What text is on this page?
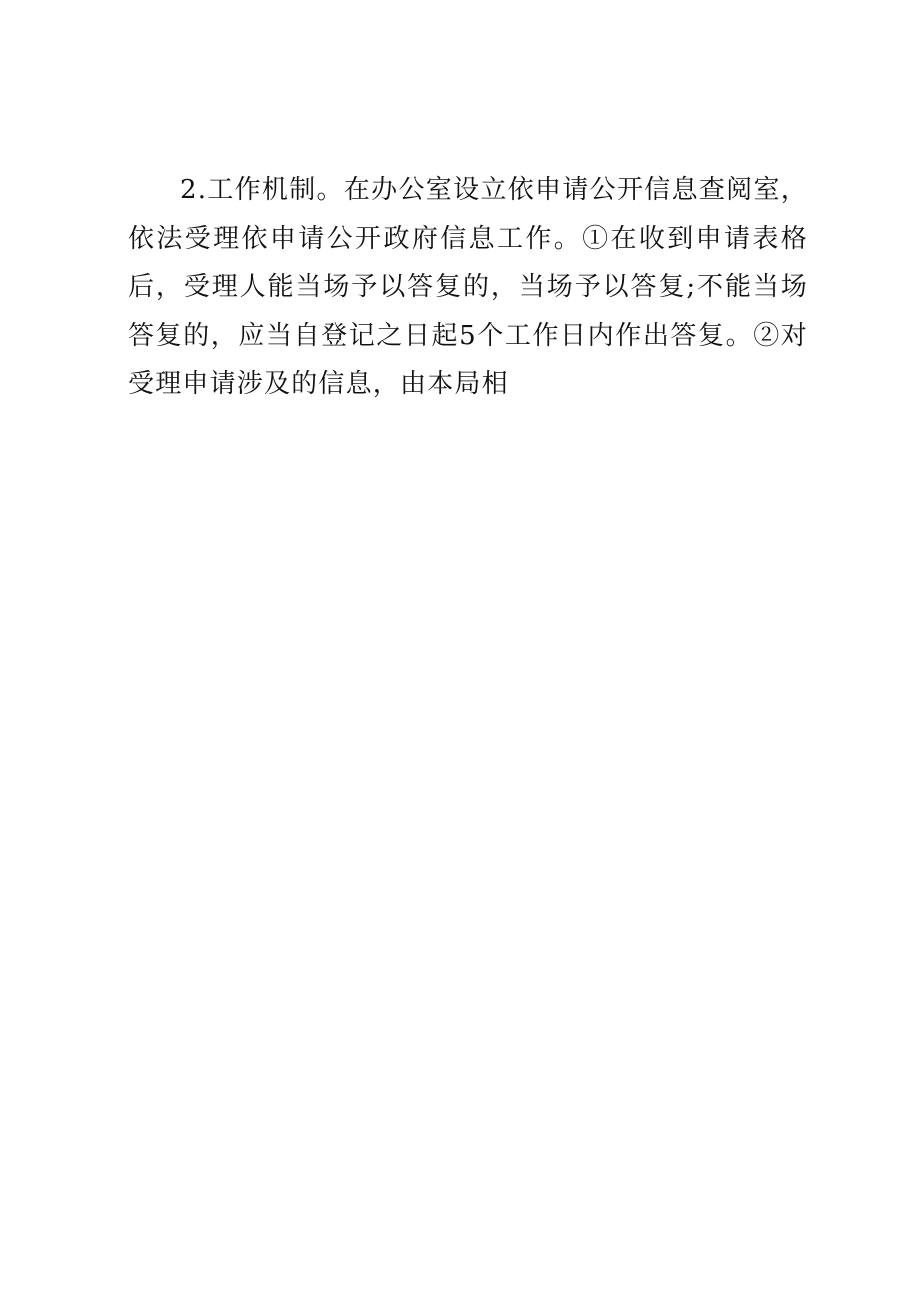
2.工作机制。在办公室设立依申请公开信息查阅室，依法受理依申请公开政府信息工作。①在收到申请表格后，受理人能当场予以答复的，当场予以答复;不能当场答复的，应当自登记之日起5个工作日内作出答复。②对受理申请涉及的信息，由本局相
